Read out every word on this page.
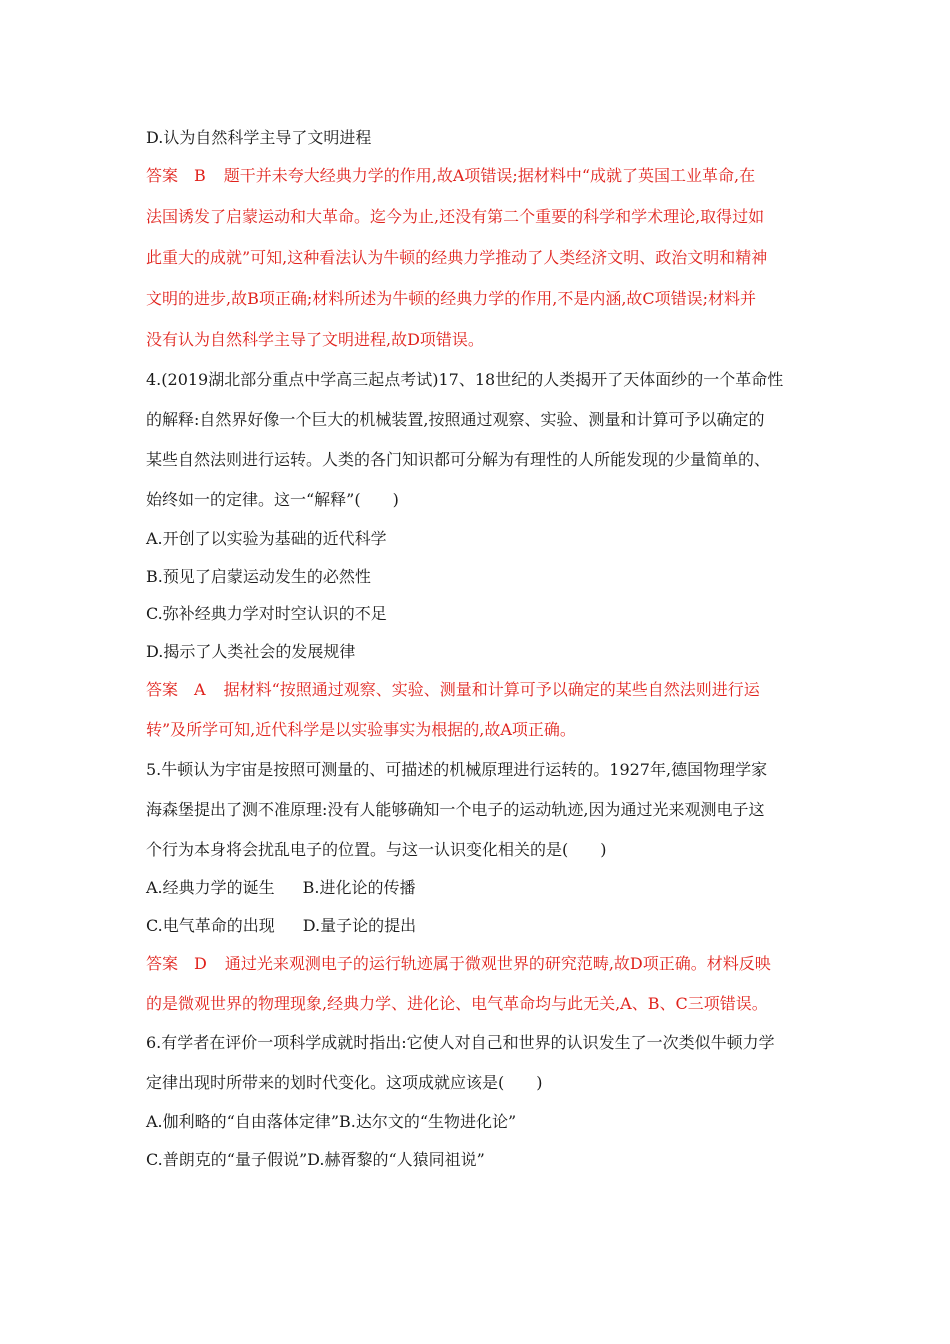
D.认为自然科学主导了文明进程
答案 B 题干并未夸大经典力学的作用,故A项错误;据材料中“成就了英国工业革命,在
法国诱发了启蒙运动和大革命。迄今为止,还没有第二个重要的科学和学术理论,取得过如
此重大的成就”可知,这种看法认为牛顿的经典力学推动了人类经济文明、政治文明和精神
文明的进步,故B项正确;材料所述为牛顿的经典力学的作用,不是内涵,故C项错误;材料并
没有认为自然科学主导了文明进程,故D项错误。
4.(2019湖北部分重点中学高三起点考试)17、18世纪的人类揭开了天体面纱的一个革命性
的解释:自然界好像一个巨大的机械装置,按照通过观察、实验、测量和计算可予以确定的
某些自然法则进行运转。人类的各门知识都可分解为有理性的人所能发现的少量简单的、
始终如一的定律。这一“解释”(　　)
A.开创了以实验为基础的近代科学
B.预见了启蒙运动发生的必然性
C.弥补经典力学对时空认识的不足
D.揭示了人类社会的发展规律
答案 A 据材料“按照通过观察、实验、测量和计算可予以确定的某些自然法则进行运
转”及所学可知,近代科学是以实验事实为根据的,故A项正确。
5.牛顿认为宇宙是按照可测量的、可描述的机械原理进行运转的。1927年,德国物理学家
海森堡提出了测不准原理:没有人能够确知一个电子的运动轨迹,因为通过光来观测电子这
个行为本身将会扰乱电子的位置。与这一认识变化相关的是(　　)
A.经典力学的诞生 B.进化论的传播
C.电气革命的出现 D.量子论的提出
答案 D 通过光来观测电子的运行轨迹属于微观世界的研究范畴,故D项正确。材料反映
的是微观世界的物理现象,经典力学、进化论、电气革命均与此无关,A、B、C三项错误。
6.有学者在评价一项科学成就时指出:它使人对自己和世界的认识发生了一次类似牛顿力学
定律出现时所带来的划时代变化。这项成就应该是(　　)
A.伽利略的“自由落体定律”B.达尔文的“生物进化论”
C.普朗克的“量子假说”D.赫胥黎的“人猿同祖说”
